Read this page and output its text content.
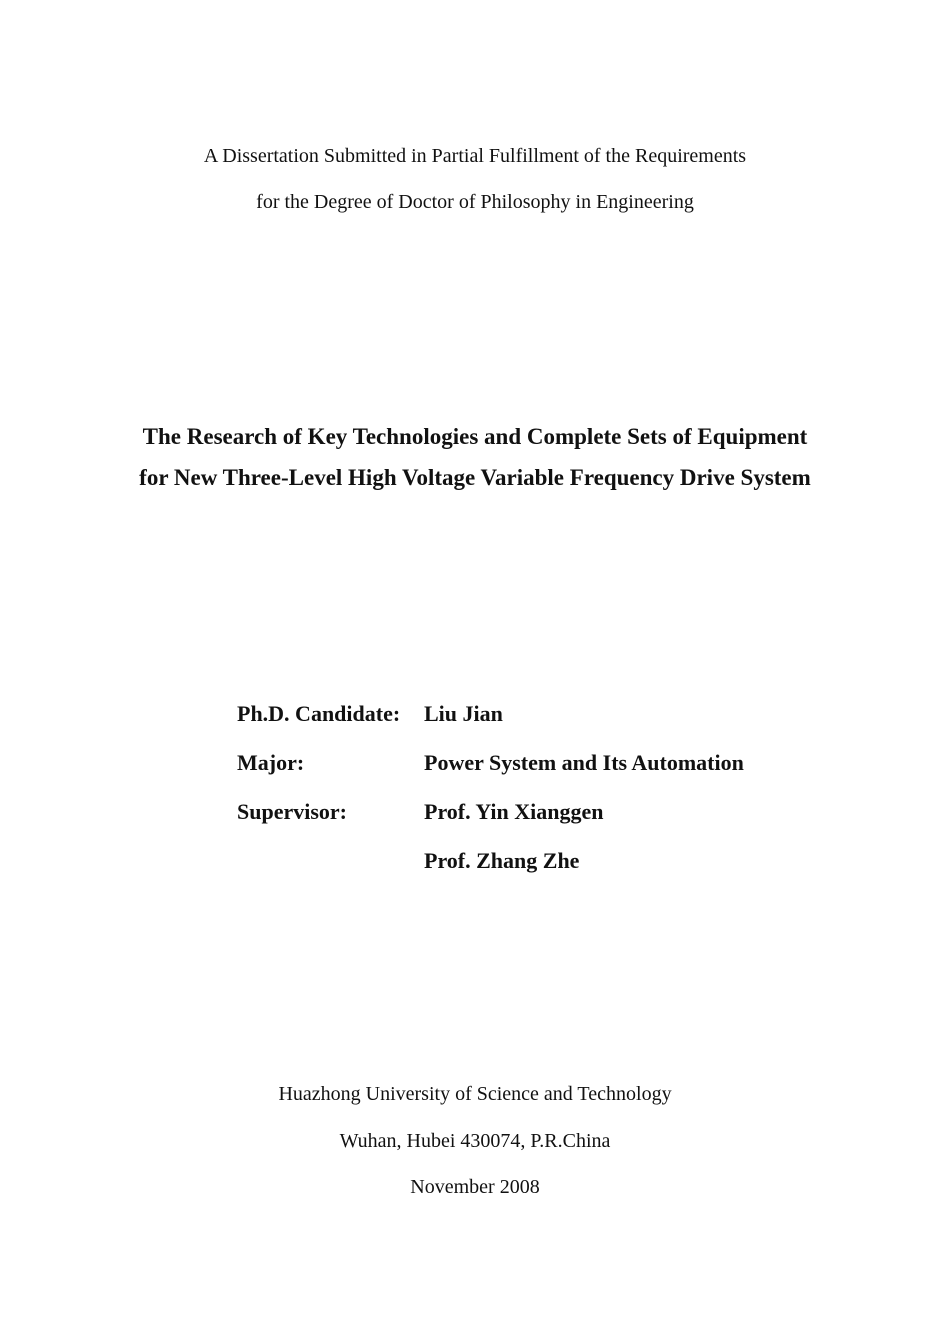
A Dissertation Submitted in Partial Fulfillment of the Requirements
for the Degree of Doctor of Philosophy in Engineering
The Research of Key Technologies and Complete Sets of Equipment
for New Three-Level High Voltage Variable Frequency Drive System
Ph.D. Candidate: Liu Jian
Major:	Power System and Its Automation
Supervisor:	Prof. Yin Xianggen
Prof. Zhang Zhe
Huazhong University of Science and Technology
Wuhan, Hubei 430074, P.R.China
November 2008
